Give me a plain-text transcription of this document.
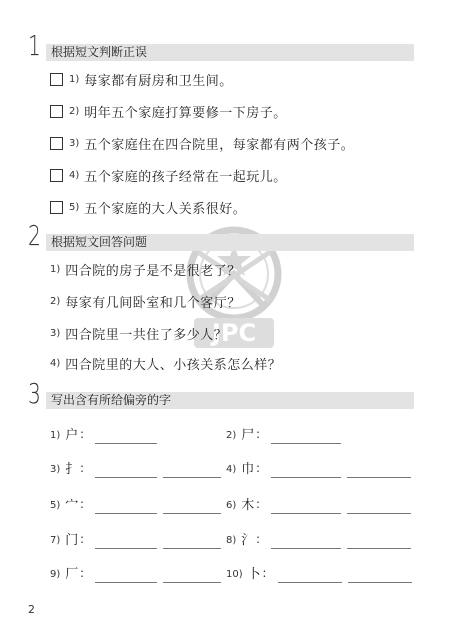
1 根据短文判断正误
1) 每家都有厨房和卫生间。
2) 明年五个家庭打算要修一下房子。
3) 五个家庭住在四合院里，每家都有两个孩子。
4) 五个家庭的孩子经常在一起玩儿。
5) 五个家庭的大人关系很好。
JPC
2 根据短文回答问题
1) 四合院的房子是不是很老了？
2) 每家有几间卧室和几个客厅？
3) 四合院里一共住了多少人？
4) 四合院里的大人、小孩关系怎么样？
3 写出含有所给偏旁的字
1) 户 ：	2) 尸 ：
3) 扌 ：	4) 巾 ：
5) 宀 ：	6) 木 ：
7) 门 ：	8) 氵 ：
9) 厂 ：	10) 卜 ：
2
